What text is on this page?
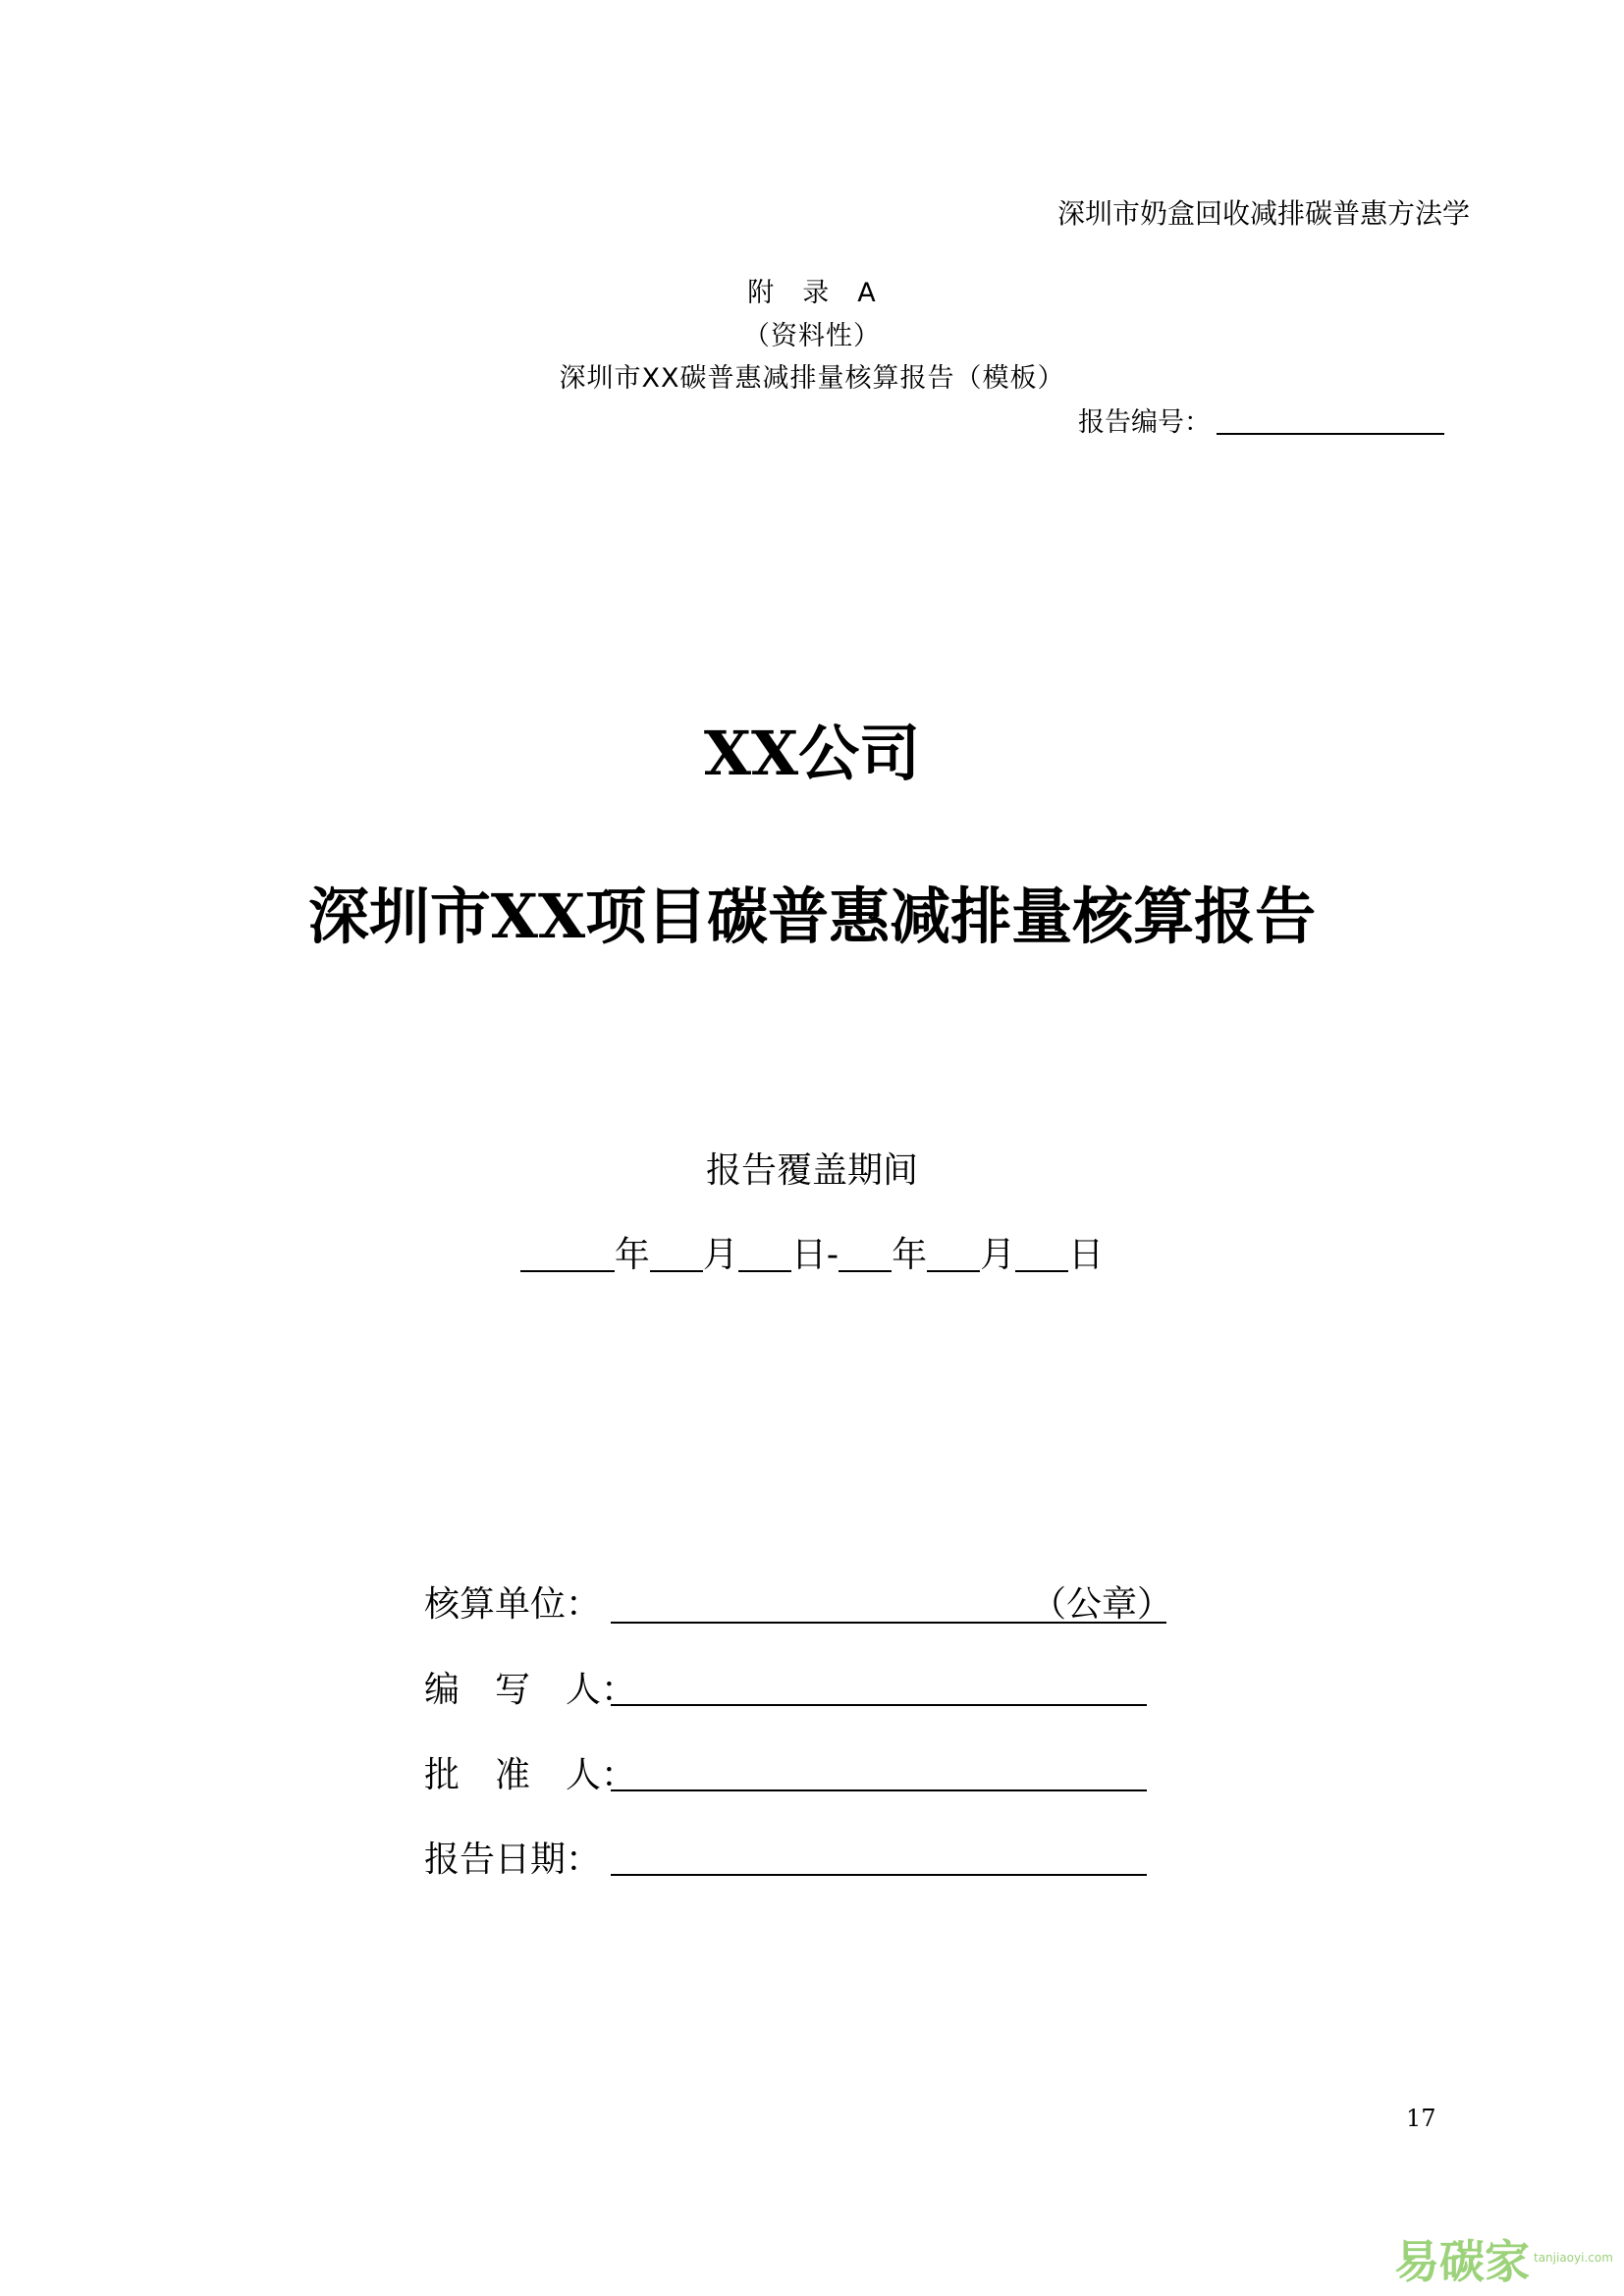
深圳市奶盒回收减排碳普惠方法学
附　录　A
（资料性）
深圳市XX碳普惠减排量核算报告（模板）
报告编号：
XX公司
深圳市XX项目碳普惠减排量核算报告
报告覆盖期间
年 月 日- 年 月 日
核算单位：	（公章）
编　写　人：
批　准　人：
报告日期：
17
易碳家 $^{tanjiaoyi.com}$
